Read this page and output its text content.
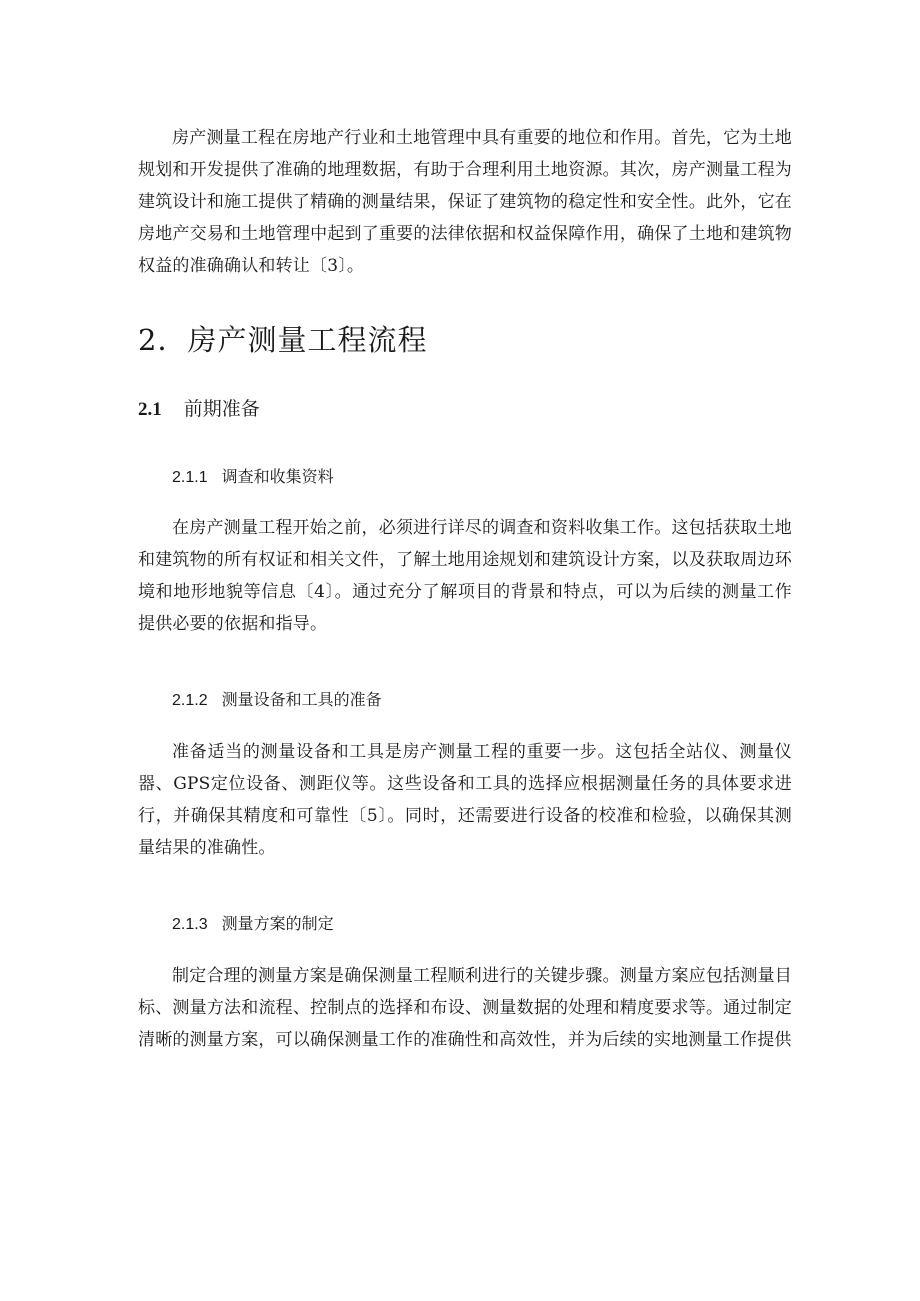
房产测量工程在房地产行业和土地管理中具有重要的地位和作用。首先，它为土地规划和开发提供了准确的地理数据，有助于合理利用土地资源。其次，房产测量工程为建筑设计和施工提供了精确的测量结果，保证了建筑物的稳定性和安全性。此外，它在房地产交易和土地管理中起到了重要的法律依据和权益保障作用，确保了土地和建筑物权益的准确确认和转让〔3〕。

2．房产测量工程流程
2.1 前期准备
2.1.1 调查和收集资料

在房产测量工程开始之前，必须进行详尽的调查和资料收集工作。这包括获取土地和建筑物的所有权证和相关文件，了解土地用途规划和建筑设计方案，以及获取周边环境和地形地貌等信息〔4〕。通过充分了解项目的背景和特点，可以为后续的测量工作提供必要的依据和指导。

2.1.2 测量设备和工具的准备

准备适当的测量设备和工具是房产测量工程的重要一步。这包括全站仪、测量仪器、GPS定位设备、测距仪等。这些设备和工具的选择应根据测量任务的具体要求进行，并确保其精度和可靠性〔5〕。同时，还需要进行设备的校准和检验，以确保其测量结果的准确性。

2.1.3 测量方案的制定

制定合理的测量方案是确保测量工程顺利进行的关键步骤。测量方案应包括测量目标、测量方法和流程、控制点的选择和布设、测量数据的处理和精度要求等。通过制定清晰的测量方案，可以确保测量工作的准确性和高效性，并为后续的实地测量工作提供
